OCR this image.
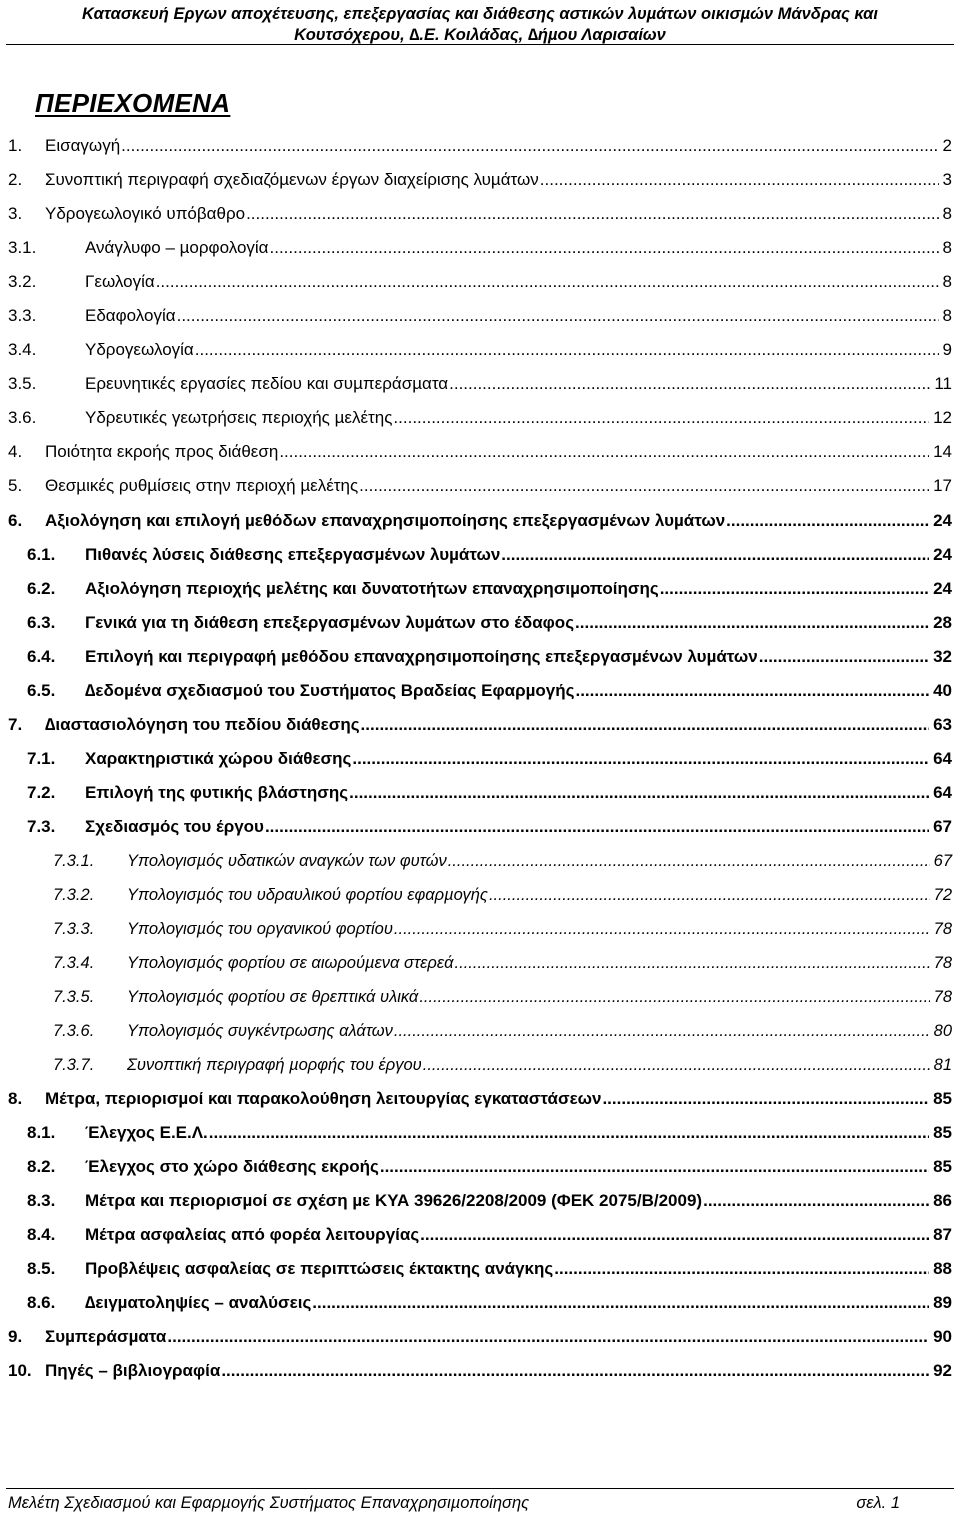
Κατασκευή Εργων αποχέτευσης, επεξεργασίας και διάθεσης αστικών λυµάτων οικισµών Μάνδρας και
Κουτσόχερου, ∆.Ε. Κοιλάδας, ∆ήµου Λαρισαίων
ΠΕΡΙΕΧΟΜΕΝΑ
1.	Εισαγωγή .....	2
2.	Συνοπτική περιγραφή σχεδιαζόµενων έργων διαχείρισης λυµάτων .....	3
3.	Υδρογεωλογικό υπόβαθρο .....	8
3.1.	Ανάγλυφο – µορφολογία .....	8
3.2.	Γεωλογία .....	8
3.3.	Εδαφολογία .....	8
3.4.	Υδρογεωλογία .....	9
3.5.	Ερευνητικές εργασίες πεδίου και συµπεράσµατα .....	11
3.6.	Υδρευτικές γεωτρήσεις περιοχής µελέτης .....	12
4.	Ποιότητα εκροής προς διάθεση .....	14
5.	Θεσµικές ρυθµίσεις στην περιοχή µελέτης .....	17
6.	Αξιολόγηση και επιλογή µεθόδων επαναχρησιµοποίησης επεξεργασµένων λυµάτων .....	24
6.1.	Πιθανές λύσεις διάθεσης επεξεργασµένων λυµάτων .....	24
6.2.	Αξιολόγηση περιοχής µελέτης και δυνατοτήτων επαναχρησιµοποίησης .....	24
6.3.	Γενικά για τη διάθεση επεξεργασµένων λυµάτων στο έδαφος .....	28
6.4.	Επιλογή και περιγραφή µεθόδου επαναχρησιµοποίησης επεξεργασµένων λυµάτων .....	32
6.5.	∆εδοµένα σχεδιασµού του Συστήµατος Βραδείας Εφαρµογής .....	40
7.	∆ιαστασιολόγηση του πεδίου διάθεσης .....	63
7.1.	Χαρακτηριστικά χώρου διάθεσης .....	64
7.2.	Επιλογή της φυτικής βλάστησης .....	64
7.3.	Σχεδιασµός του έργου .....	67
7.3.1.	Υπολογισµός υδατικών αναγκών των φυτών .....	67
7.3.2.	Υπολογισµός του υδραυλικού φορτίου εφαρµογής .....	72
7.3.3.	Υπολογισµός του οργανικού φορτίου .....	78
7.3.4.	Υπολογισµός φορτίου σε αιωρούµενα στερεά .....	78
7.3.5.	Υπολογισµός φορτίου σε θρεπτικά υλικά .....	78
7.3.6.	Υπολογισµός συγκέντρωσης αλάτων .....	80
7.3.7.	Συνοπτική περιγραφή µορφής του έργου .....	81
8.	Μέτρα, περιορισµοί και παρακολούθηση λειτουργίας εγκαταστάσεων .....	85
8.1.	Έλεγχος Ε.Ε.Λ. .....	85
8.2.	Έλεγχος στο χώρο διάθεσης εκροής .....	85
8.3.	Μέτρα και περιορισµοί σε σχέση µε ΚΥΑ 39626/2208/2009 (ΦΕΚ 2075/Β/2009) .....	86
8.4.	Μέτρα ασφαλείας από φορέα λειτουργίας .....	87
8.5.	Προβλέψεις ασφαλείας σε περιπτώσεις έκτακτης ανάγκης .....	88
8.6.	∆ειγµατοληψίες – αναλύσεις .....	89
9.	Συµπεράσµατα .....	90
10. Πηγές – βιβλιογραφία .....	92
Μελέτη Σχεδιασµού και Εφαρµογής Συστήµατος Επαναχρησιµοποίησης	σελ. 1
